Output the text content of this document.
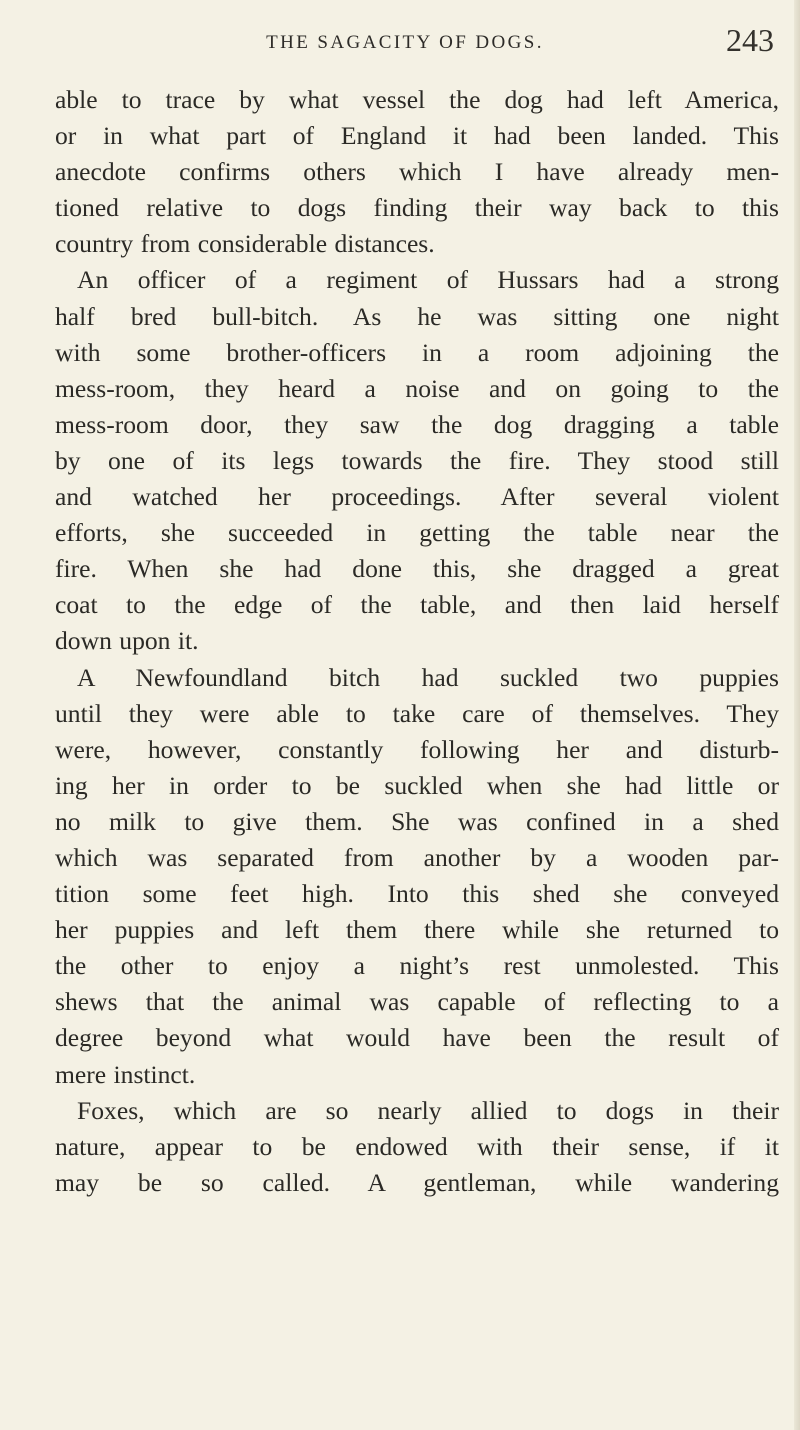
THE SAGACITY OF DOGS.	243
able to trace by what vessel the dog had left America,
or in what part of England it had been landed. This
anecdote confirms others which I have already men-
tioned relative to dogs finding their way back to this
country from considerable distances.
An officer of a regiment of Hussars had a strong
half bred bull-bitch. As he was sitting one night
with some brother-officers in a room adjoining the
mess-room, they heard a noise and on going to the
mess-room door, they saw the dog dragging a table
by one of its legs towards the fire. They stood still
and watched her proceedings. After several violent
efforts, she succeeded in getting the table near the
fire. When she had done this, she dragged a great
coat to the edge of the table, and then laid herself
down upon it.
A Newfoundland bitch had suckled two puppies
until they were able to take care of themselves. They
were, however, constantly following her and disturb-
ing her in order to be suckled when she had little or
no milk to give them. She was confined in a shed
which was separated from another by a wooden par-
tition some feet high. Into this shed she conveyed
her puppies and left them there while she returned to
the other to enjoy a night’s rest unmolested. This
shews that the animal was capable of reflecting to a
degree beyond what would have been the result of
mere instinct.
Foxes, which are so nearly allied to dogs in their
nature, appear to be endowed with their sense, if it
may be so called. A gentleman, while wandering
